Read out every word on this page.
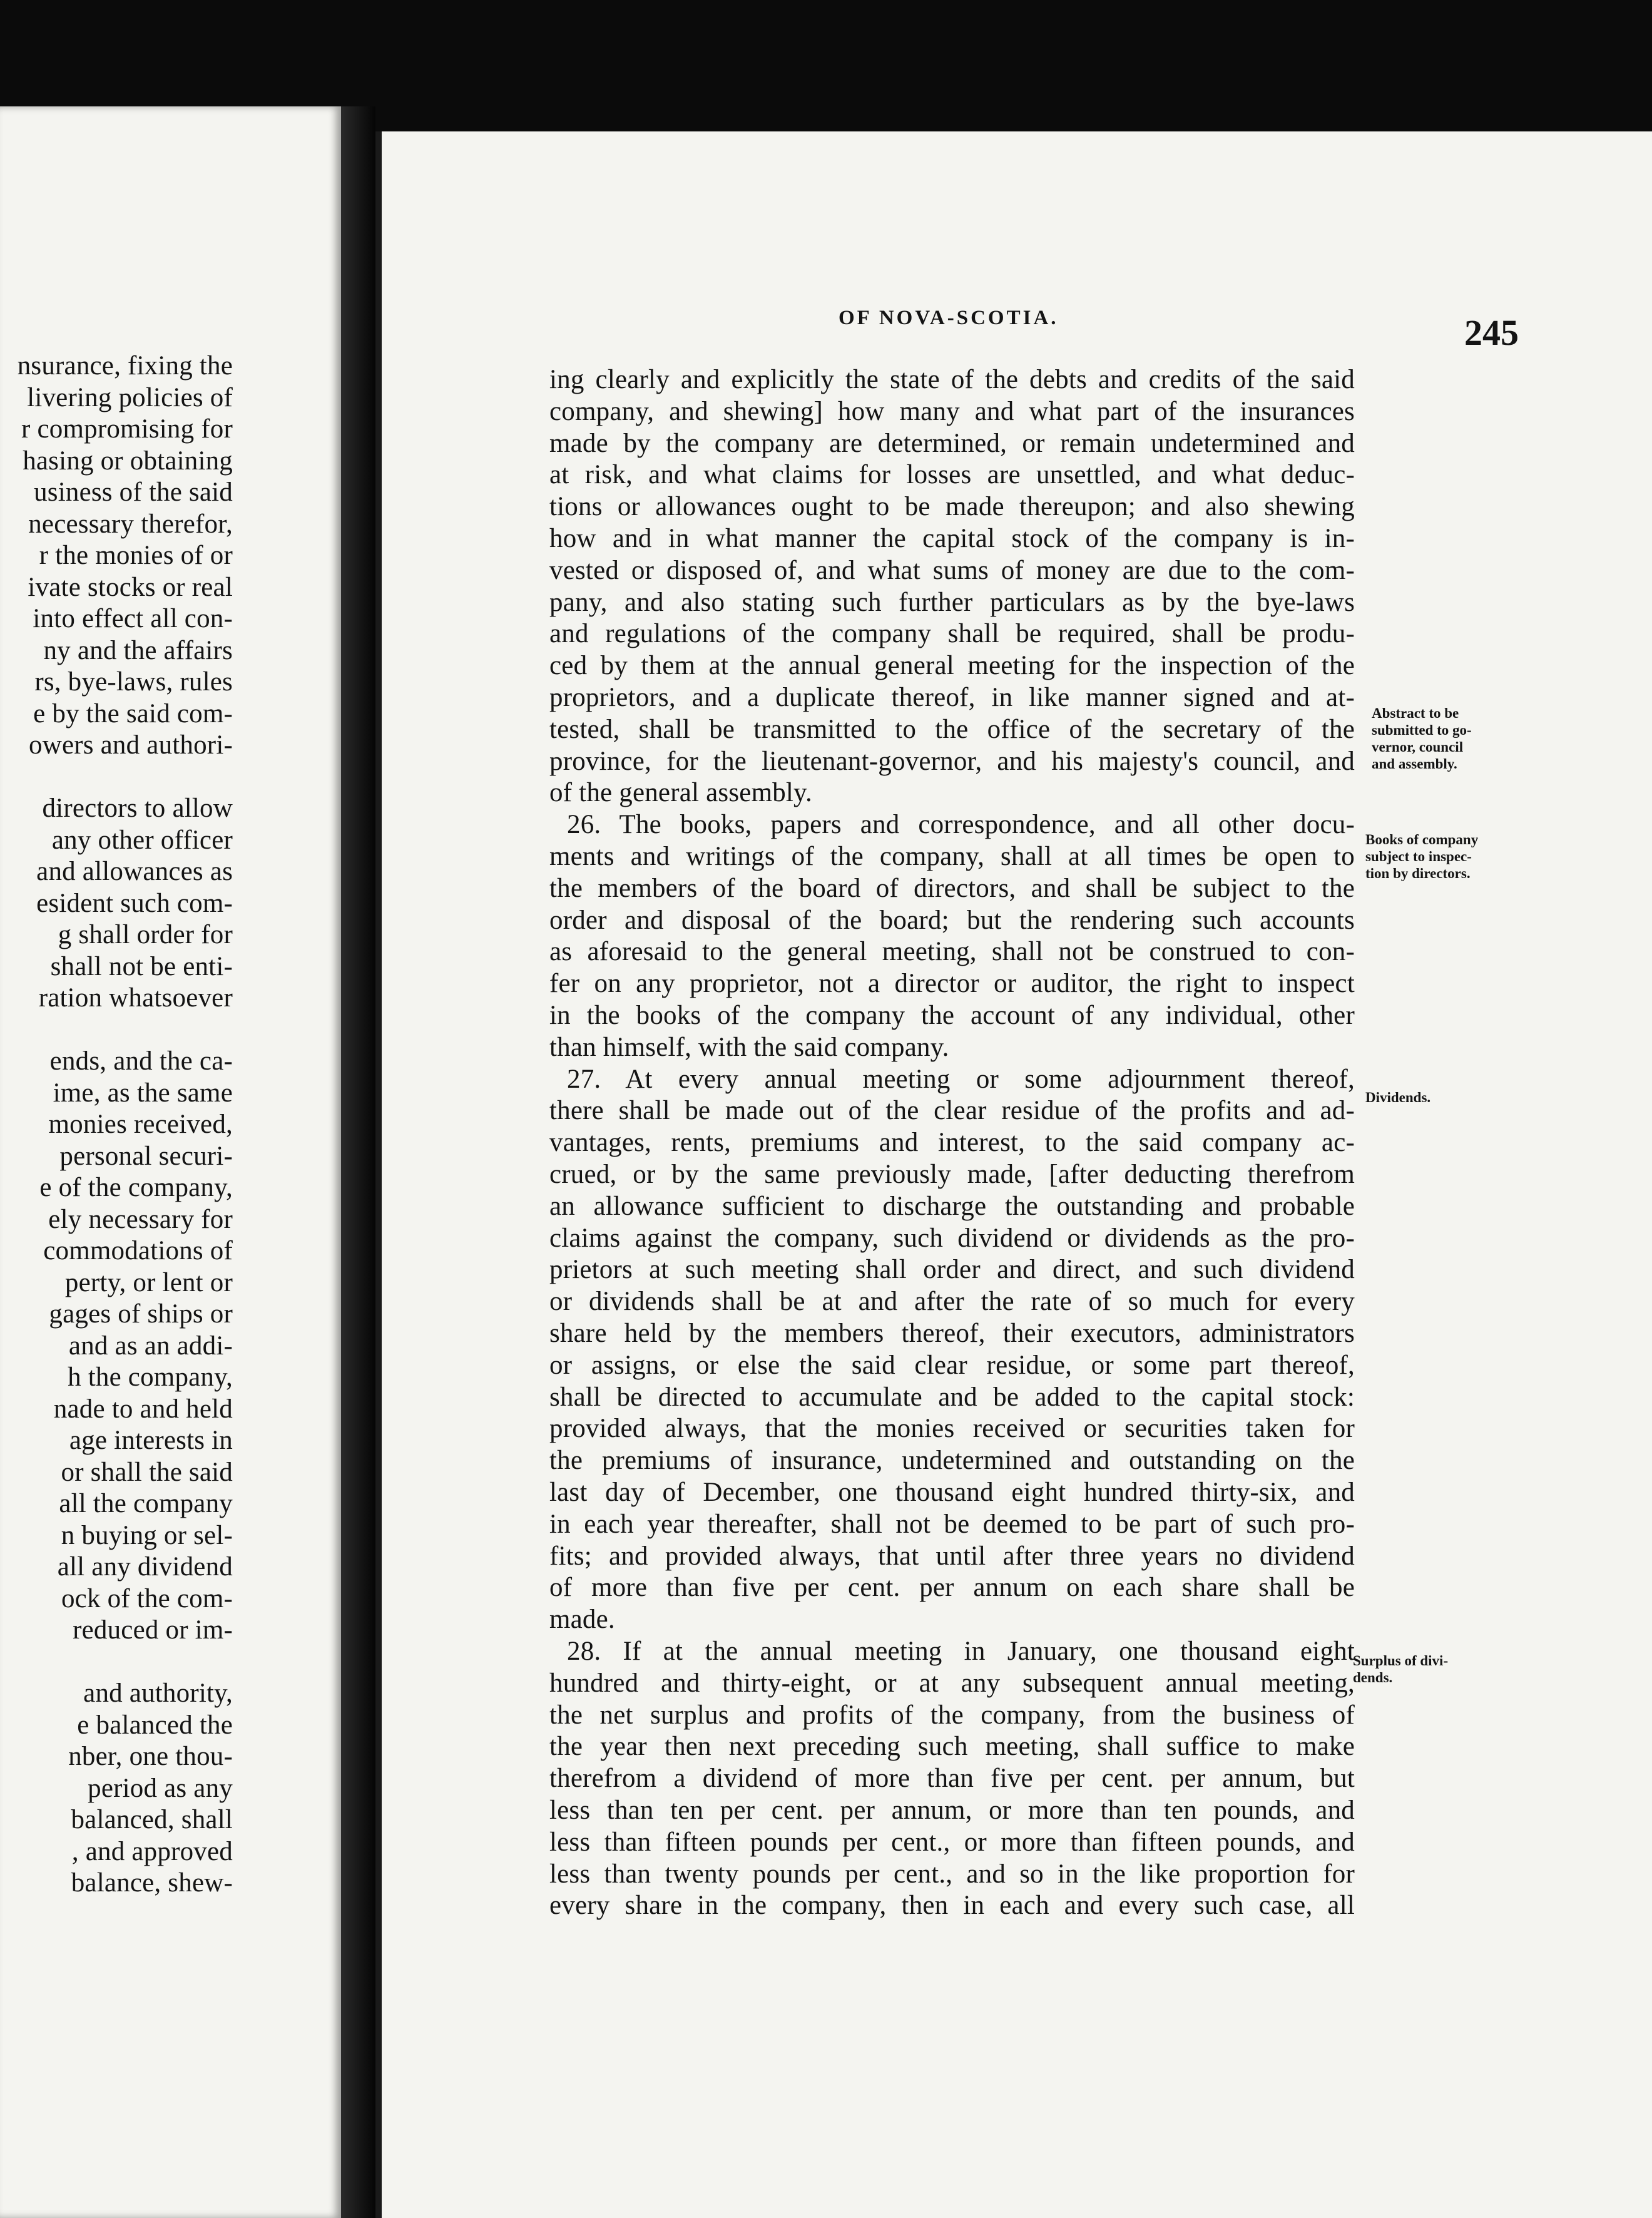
OF NOVA-SCOTIA.	245
nsurance, fixing the
livering policies of
r compromising for
hasing or obtaining
usiness of the said
necessary therefor,
r the monies of or
ivate stocks or real
into effect all con-
ny and the affairs
rs, bye-laws, rules
e by the said com-
owers and authori-
directors to allow
any other officer
and allowances as
esident such com-
g shall order for
shall not be enti-
ration whatsoever
ends, and the ca-
ime, as the same
monies received,
personal securi-
e of the company,
ely necessary for
commodations of
perty, or lent or
gages of ships or
and as an addi-
h the company,
nade to and held
age interests in
or shall the said
all the company
n buying or sel-
all any dividend
ock of the com-
reduced or im-
and authority,
e balanced the
nber, one thou-
period as any
balanced, shall
, and approved
balance, shew-
ing clearly and explicitly the state of the debts and credits of the said
company, and shewing] how many and what part of the insurances
made by the company are determined, or remain undetermined and
at risk, and what claims for losses are unsettled, and what deduc-
tions or allowances ought to be made thereupon; and also shewing
how and in what manner the capital stock of the company is in-
vested or disposed of, and what sums of money are due to the com-
pany, and also stating such further particulars as by the bye-laws
and regulations of the company shall be required, shall be produ-
ced by them at the annual general meeting for the inspection of the
proprietors, and a duplicate thereof, in like manner signed and at-
tested, shall be transmitted to the office of the secretary of the
province, for the lieutenant-governor, and his majesty's council, and
of the general assembly.
26. The books, papers and correspondence, and all other docu-
ments and writings of the company, shall at all times be open to
the members of the board of directors, and shall be subject to the
order and disposal of the board; but the rendering such accounts
as aforesaid to the general meeting, shall not be construed to con-
fer on any proprietor, not a director or auditor, the right to inspect
in the books of the company the account of any individual, other
than himself, with the said company.
27. At every annual meeting or some adjournment thereof,
there shall be made out of the clear residue of the profits and ad-
vantages, rents, premiums and interest, to the said company ac-
crued, or by the same previously made, [after deducting therefrom
an allowance sufficient to discharge the outstanding and probable
claims against the company, such dividend or dividends as the pro-
prietors at such meeting shall order and direct, and such dividend
or dividends shall be at and after the rate of so much for every
share held by the members thereof, their executors, administrators
or assigns, or else the said clear residue, or some part thereof,
shall be directed to accumulate and be added to the capital stock:
provided always, that the monies received or securities taken for
the premiums of insurance, undetermined and outstanding on the
last day of December, one thousand eight hundred thirty-six, and
in each year thereafter, shall not be deemed to be part of such pro-
fits; and provided always, that until after three years no dividend
of more than five per cent. per annum on each share shall be
made.
28. If at the annual meeting in January, one thousand eight
hundred and thirty-eight, or at any subsequent annual meeting,
the net surplus and profits of the company, from the business of
the year then next preceding such meeting, shall suffice to make
therefrom a dividend of more than five per cent. per annum, but
less than ten per cent. per annum, or more than ten pounds, and
less than fifteen pounds per cent., or more than fifteen pounds, and
less than twenty pounds per cent., and so in the like proportion for
every share in the company, then in each and every such case, all
Abstract to be
submitted to go-
vernor, council
and assembly.
Books of company
subject to inspec-
tion by directors.
Dividends.
Surplus of divi-
dends.
